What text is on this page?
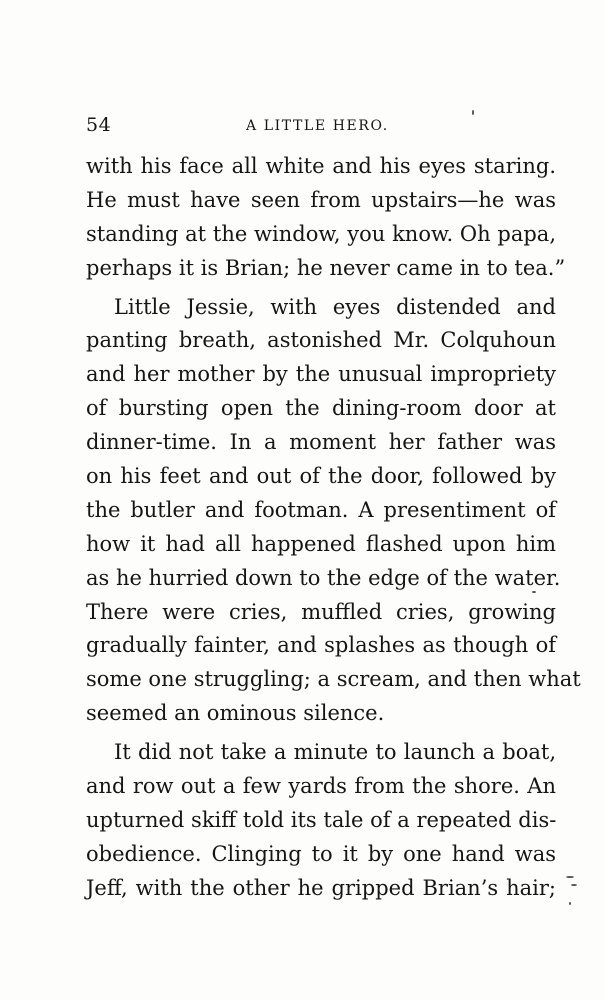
54	A LITTLE HERO.
with his face all white and his eyes staring.
He must have seen from upstairs—he was
standing at the window, you know. Oh papa,
perhaps it is Brian; he never came in to tea.”
Little Jessie, with eyes distended and
panting breath, astonished Mr. Colquhoun
and her mother by the unusual impropriety
of bursting open the dining-room door at
dinner-time. In a moment her father was
on his feet and out of the door, followed by
the butler and footman. A presentiment of
how it had all happened flashed upon him
as he hurried down to the edge of the water.
There were cries, muffled cries, growing
gradually fainter, and splashes as though of
some one struggling; a scream, and then what
seemed an ominous silence.
It did not take a minute to launch a boat,
and row out a few yards from the shore. An
upturned skiff told its tale of a repeated dis-
obedience. Clinging to it by one hand was
Jeff, with the other he gripped Brian’s hair;
